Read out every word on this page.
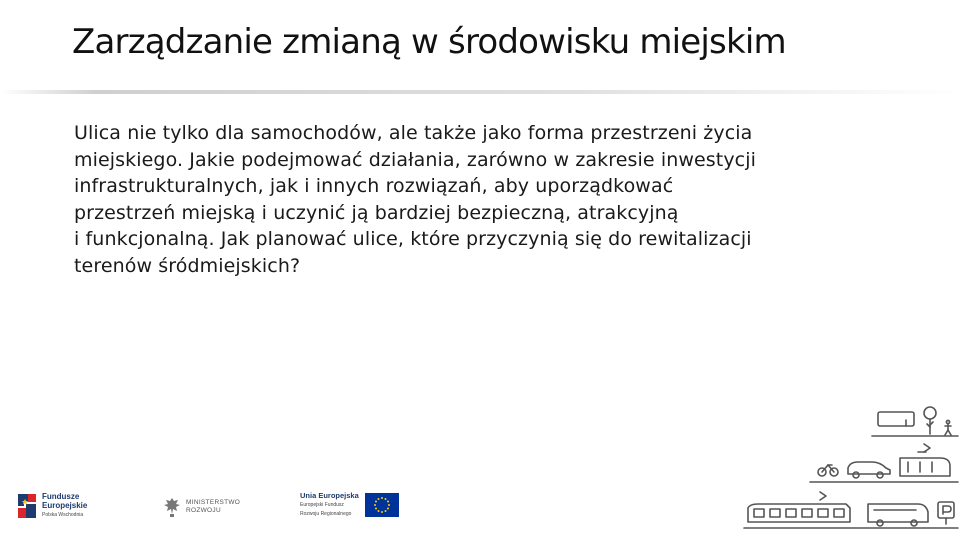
Zarządzanie zmianą w środowisku miejskim
Ulica nie tylko dla samochodów, ale także jako forma przestrzeni życia
miejskiego. Jakie podejmować działania, zarówno w zakresie inwestycji
infrastrukturalnych, jak i innych rozwiązań, aby uporządkować
przestrzeń miejską i uczynić ją bardziej bezpieczną, atrakcyjną
i funkcjonalną. Jak planować ulice, które przyczynią się do rewitalizacji
terenów śródmiejskich?
Fundusze
Europejskie
Polska Wschodnia
MINISTERSTWO
ROZWOJU
Unia Europejska
Europejski Fundusz
Rozwoju Regionalnego
